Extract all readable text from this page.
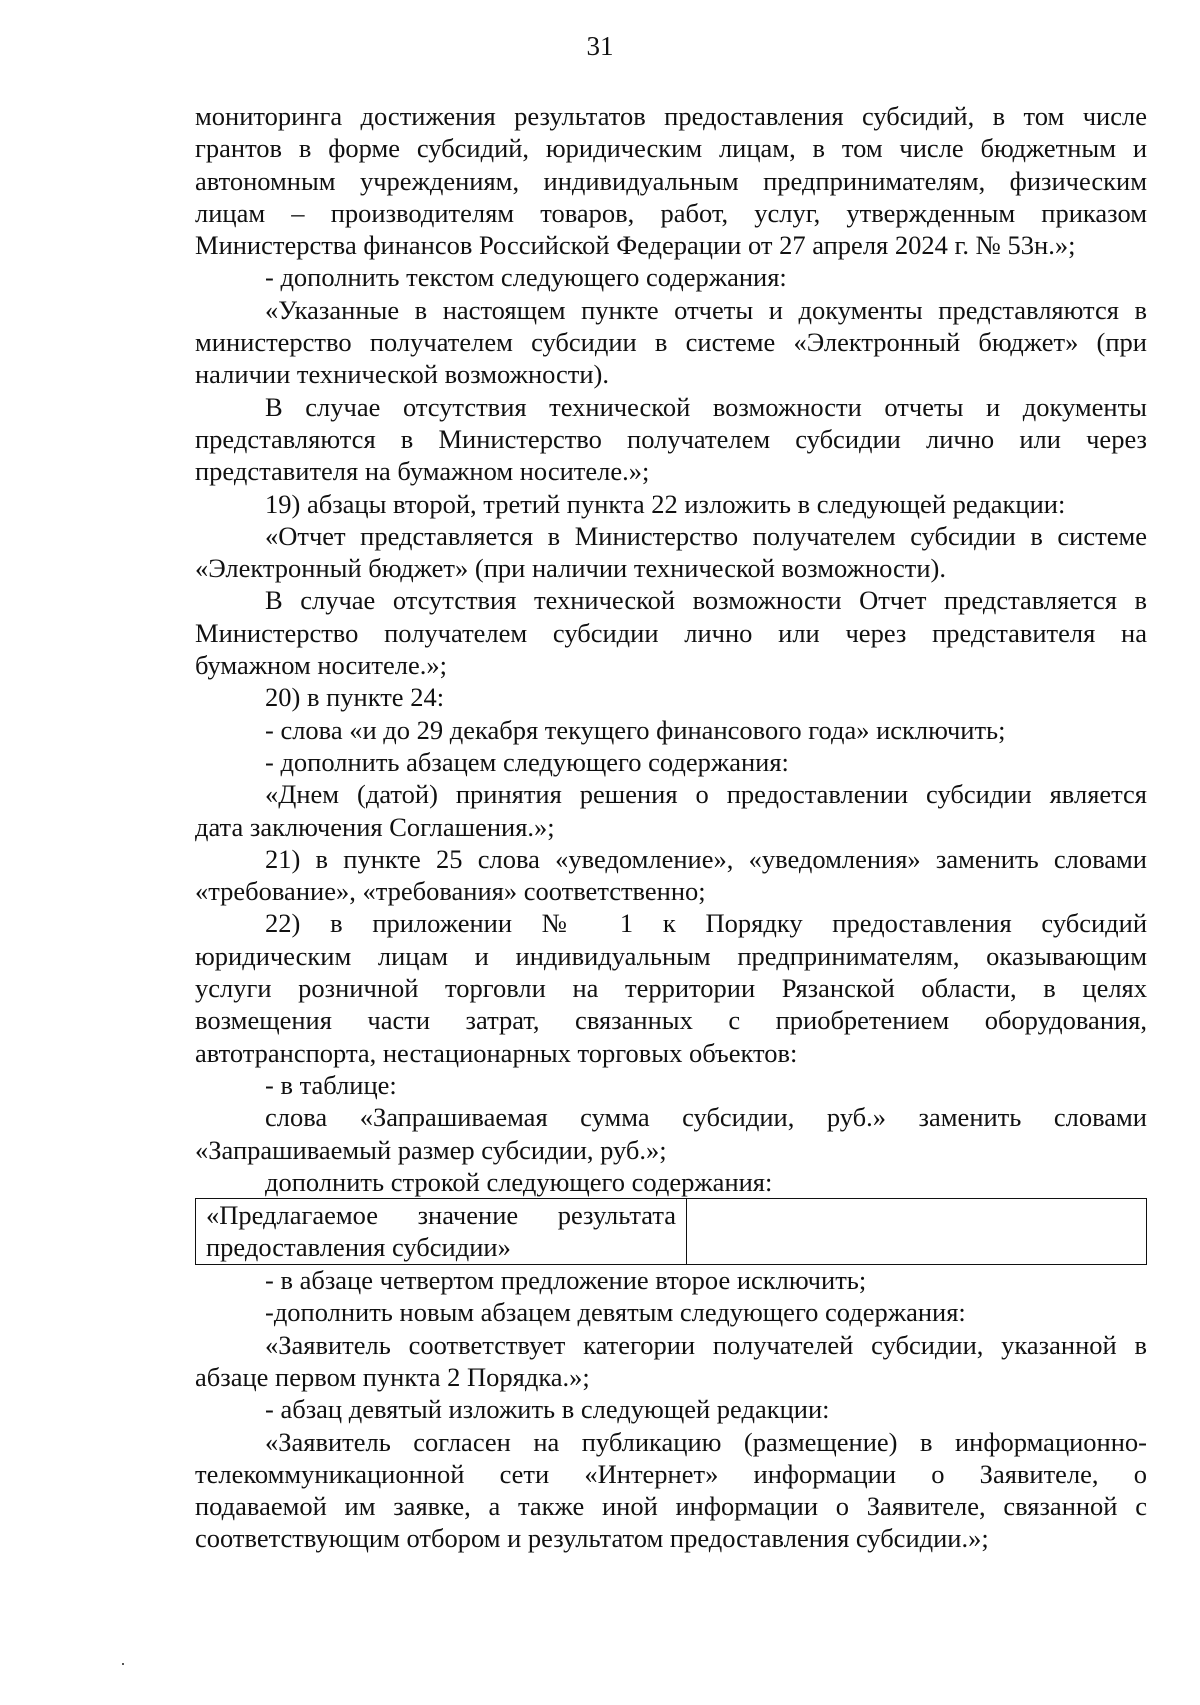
31
мониторинга достижения результатов предоставления субсидий, в том числе
грантов в форме субсидий, юридическим лицам, в том числе бюджетным и
автономным учреждениям, индивидуальным предпринимателям, физическим
лицам – производителям товаров, работ, услуг, утвержденным приказом
Министерства финансов Российской Федерации от 27 апреля 2024 г. № 53н.»;
- дополнить текстом следующего содержания:
«Указанные в настоящем пункте отчеты и документы представляются в
министерство получателем субсидии в системе «Электронный бюджет» (при
наличии технической возможности).
В случае отсутствия технической возможности отчеты и документы
представляются в Министерство получателем субсидии лично или через
представителя на бумажном носителе.»;
19) абзацы второй, третий пункта 22 изложить в следующей редакции:
«Отчет представляется в Министерство получателем субсидии в системе
«Электронный бюджет» (при наличии технической возможности).
В случае отсутствия технической возможности Отчет представляется в
Министерство получателем субсидии лично или через представителя на
бумажном носителе.»;
20) в пункте 24:
- слова «и до 29 декабря текущего финансового года» исключить;
- дополнить абзацем следующего содержания:
«Днем (датой) принятия решения о предоставлении субсидии является
дата заключения Соглашения.»;
21) в пункте 25 слова «уведомление», «уведомления» заменить словами
«требование», «требования» соответственно;
22) в приложении № 1 к Порядку предоставления субсидий
юридическим лицам и индивидуальным предпринимателям, оказывающим
услуги розничной торговли на территории Рязанской области, в целях
возмещения части затрат, связанных с приобретением оборудования,
автотранспорта, нестационарных торговых объектов:
- в таблице:
слова «Запрашиваемая сумма субсидии, руб.» заменить словами
«Запрашиваемый размер субсидии, руб.»;
дополнить строкой следующего содержания:
«Предлагаемое значение результата
предоставления субсидии»

- в абзаце четвертом предложение второе исключить;
-дополнить новым абзацем девятым следующего содержания:
«Заявитель соответствует категории получателей субсидии, указанной в
абзаце первом пункта 2 Порядка.»;
- абзац девятый изложить в следующей редакции:
«Заявитель согласен на публикацию (размещение) в информационно-
телекоммуникационной сети «Интернет» информации о Заявителе, о
подаваемой им заявке, а также иной информации о Заявителе, связанной с
соответствующим отбором и результатом предоставления субсидии.»;
